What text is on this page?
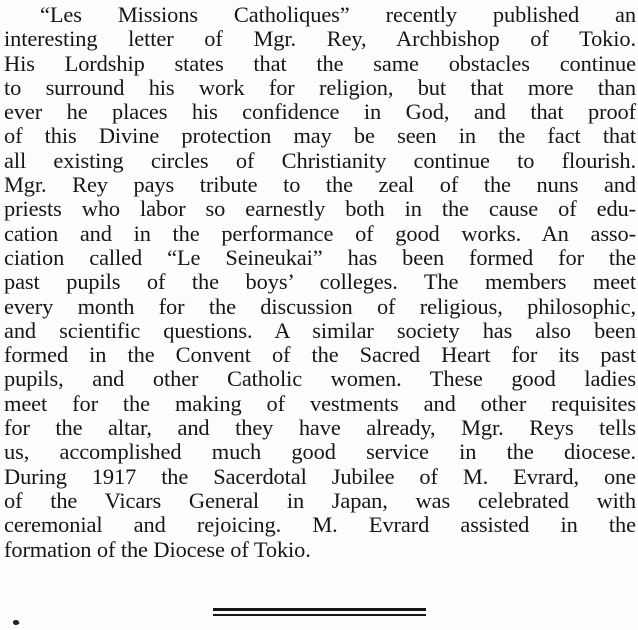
“Les Missions Catholiques” recently published an
interesting letter of Mgr. Rey, Archbishop of Tokio.
His Lordship states that the same obstacles continue
to surround his work for religion, but that more than
ever he places his confidence in God, and that proof
of this Divine protection may be seen in the fact that
all existing circles of Christianity continue to flourish.
Mgr. Rey pays tribute to the zeal of the nuns and
priests who labor so earnestly both in the cause of edu-
cation and in the performance of good works. An asso-
ciation called “Le Seineukai” has been formed for the
past pupils of the boys’ colleges. The members meet
every month for the discussion of religious, philosophic,
and scientific questions. A similar society has also been
formed in the Convent of the Sacred Heart for its past
pupils, and other Catholic women. These good ladies
meet for the making of vestments and other requisites
for the altar, and they have already, Mgr. Reys tells
us, accomplished much good service in the diocese.
During 1917 the Sacerdotal Jubilee of M. Evrard, one
of the Vicars General in Japan, was celebrated with
ceremonial and rejoicing. M. Evrard assisted in the
formation of the Diocese of Tokio.
